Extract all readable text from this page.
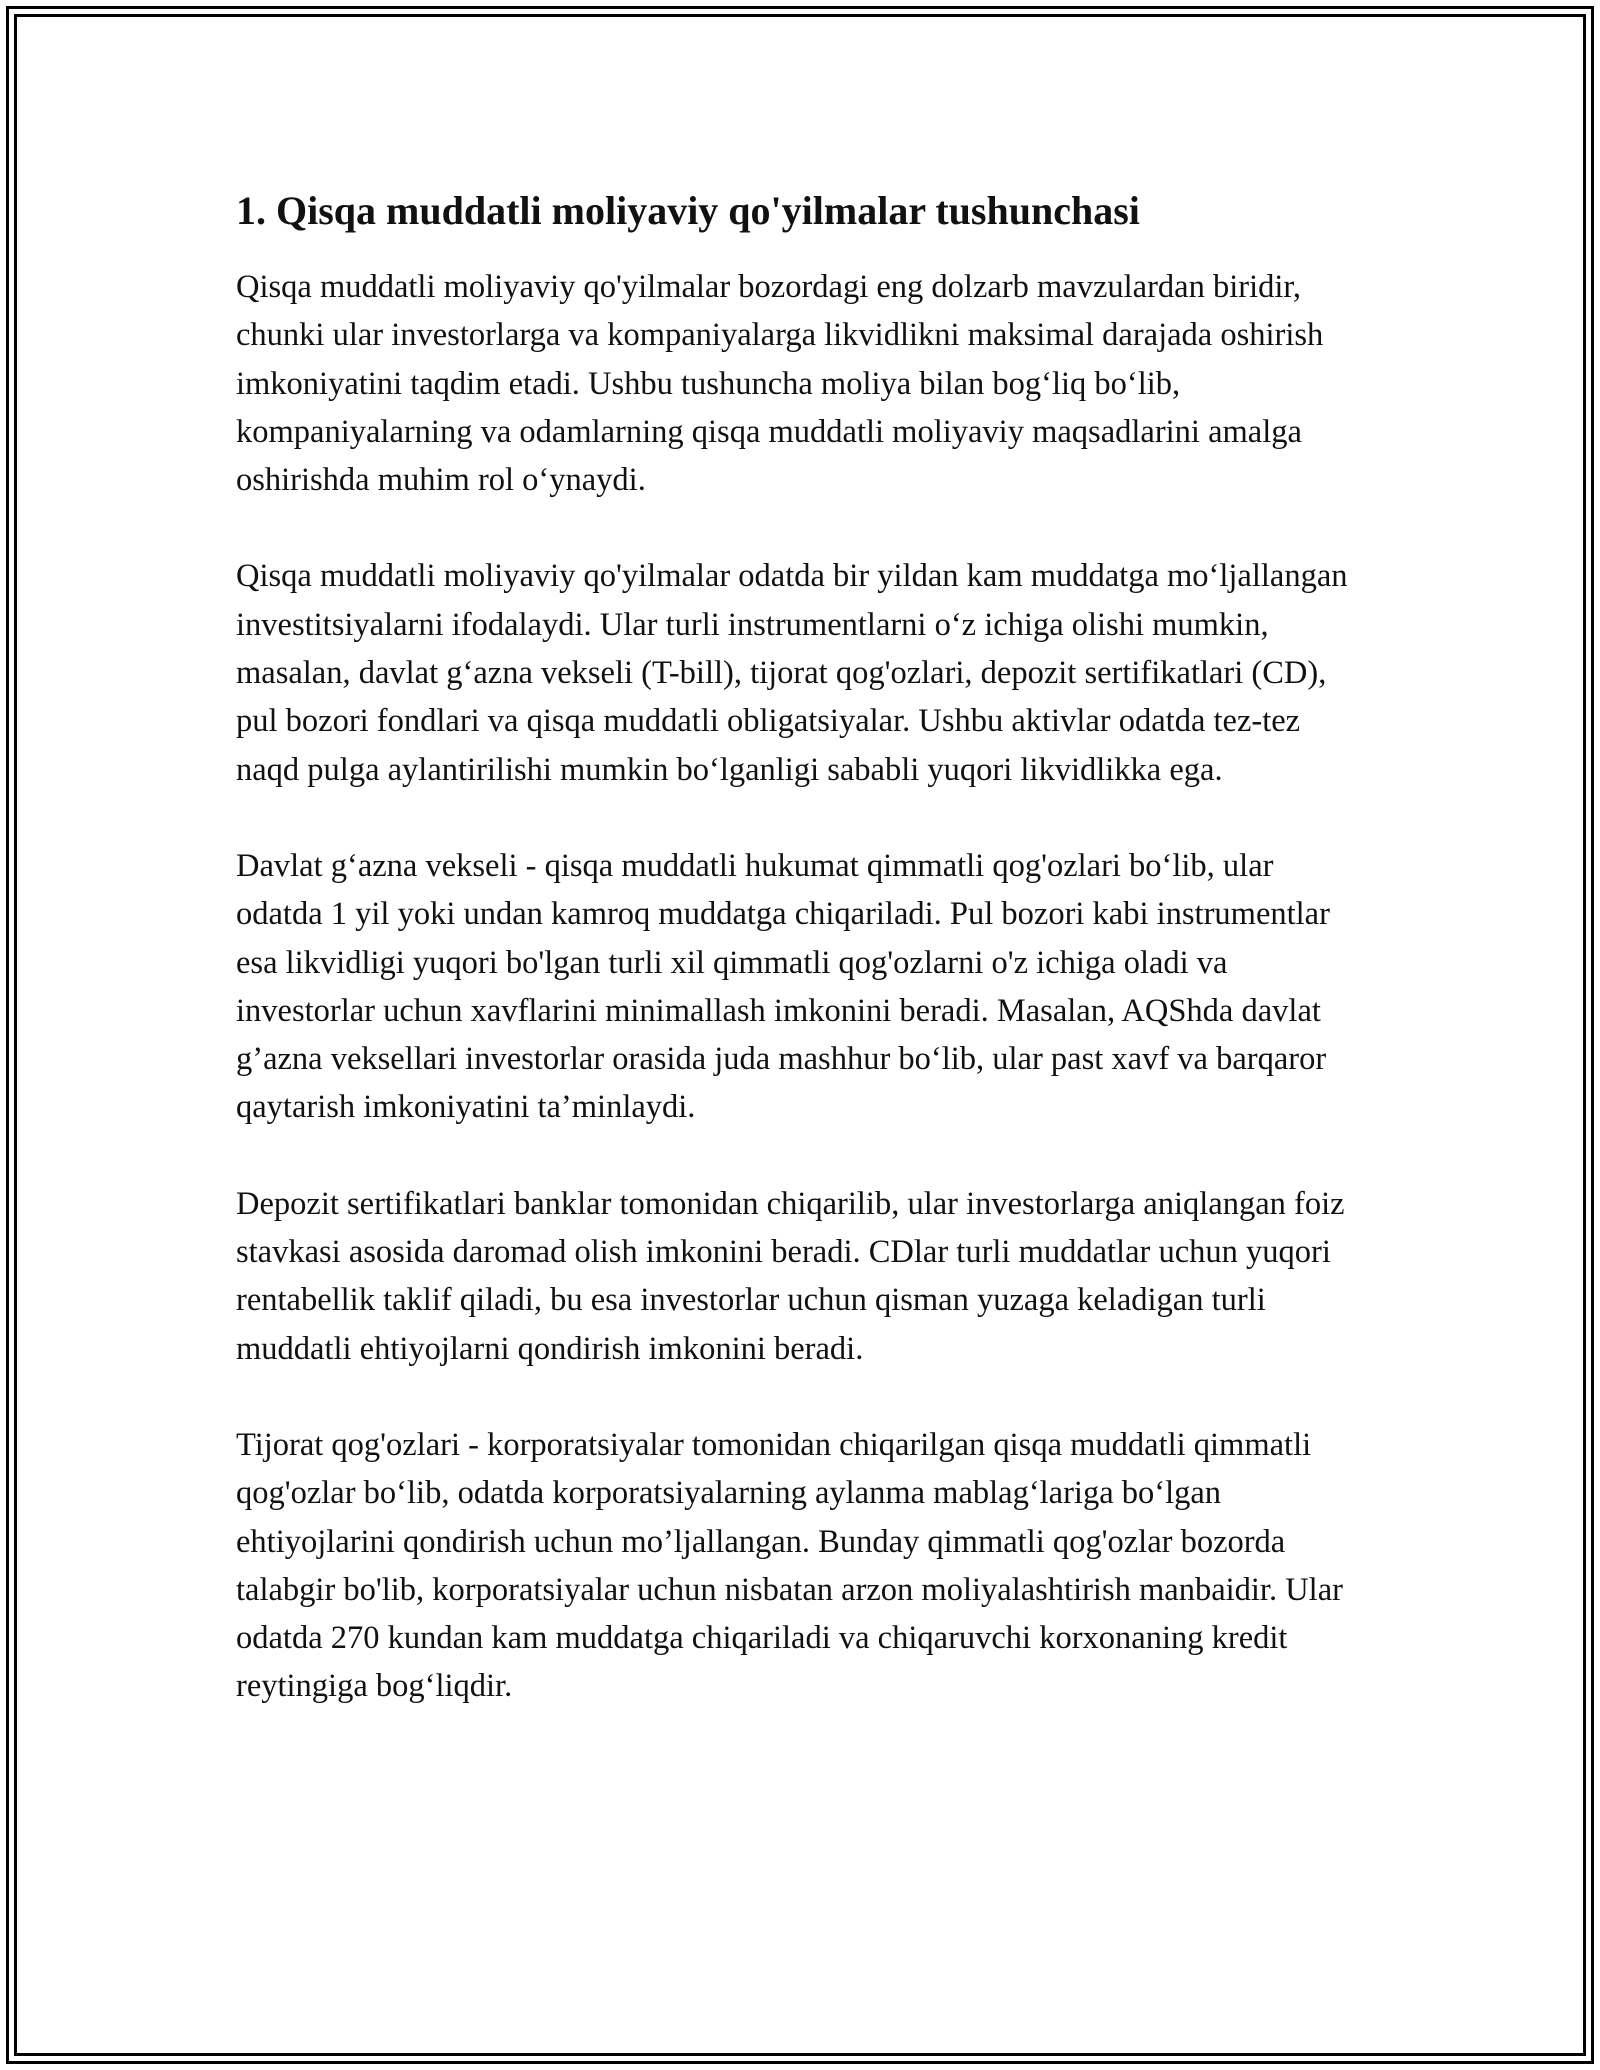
1. Qisqa muddatli moliyaviy qo'yilmalar tushunchasi

Qisqa muddatli moliyaviy qo'yilmalar bozordagi eng dolzarb mavzulardan biridir, chunki ular investorlarga va kompaniyalarga likvidlikni maksimal darajada oshirish imkoniyatini taqdim etadi. Ushbu tushuncha moliya bilan bog‘liq bo‘lib, kompaniyalarning va odamlarning qisqa muddatli moliyaviy maqsadlarini amalga oshirishda muhim rol o‘ynaydi.

Qisqa muddatli moliyaviy qo'yilmalar odatda bir yildan kam muddatga mo‘ljallangan investitsiyalarni ifodalaydi. Ular turli instrumentlarni o‘z ichiga olishi mumkin, masalan, davlat g‘azna vekseli (T-bill), tijorat qog'ozlari, depozit sertifikatlari (CD), pul bozori fondlari va qisqa muddatli obligatsiyalar. Ushbu aktivlar odatda tez-tez naqd pulga aylantirilishi mumkin bo‘lganligi sababli yuqori likvidlikka ega.

Davlat g‘azna vekseli - qisqa muddatli hukumat qimmatli qog'ozlari bo‘lib, ular odatda 1 yil yoki undan kamroq muddatga chiqariladi. Pul bozori kabi instrumentlar esa likvidligi yuqori bo'lgan turli xil qimmatli qog'ozlarni o'z ichiga oladi va investorlar uchun xavflarini minimallash imkonini beradi. Masalan, AQShda davlat g’azna veksellari investorlar orasida juda mashhur bo‘lib, ular past xavf va barqaror qaytarish imkoniyatini ta’minlaydi.

Depozit sertifikatlari banklar tomonidan chiqarilib, ular investorlarga aniqlangan foiz stavkasi asosida daromad olish imkonini beradi. CDlar turli muddatlar uchun yuqori rentabellik taklif qiladi, bu esa investorlar uchun qisman yuzaga keladigan turli muddatli ehtiyojlarni qondirish imkonini beradi.

Tijorat qog'ozlari - korporatsiyalar tomonidan chiqarilgan qisqa muddatli qimmatli qog'ozlar bo‘lib, odatda korporatsiyalarning aylanma mablag‘lariga bo‘lgan ehtiyojlarini qondirish uchun mo’ljallangan. Bunday qimmatli qog'ozlar bozorda talabgir bo'lib, korporatsiyalar uchun nisbatan arzon moliyalashtirish manbaidir. Ular odatda 270 kundan kam muddatga chiqariladi va chiqaruvchi korxonaning kredit reytingiga bog‘liqdir.
